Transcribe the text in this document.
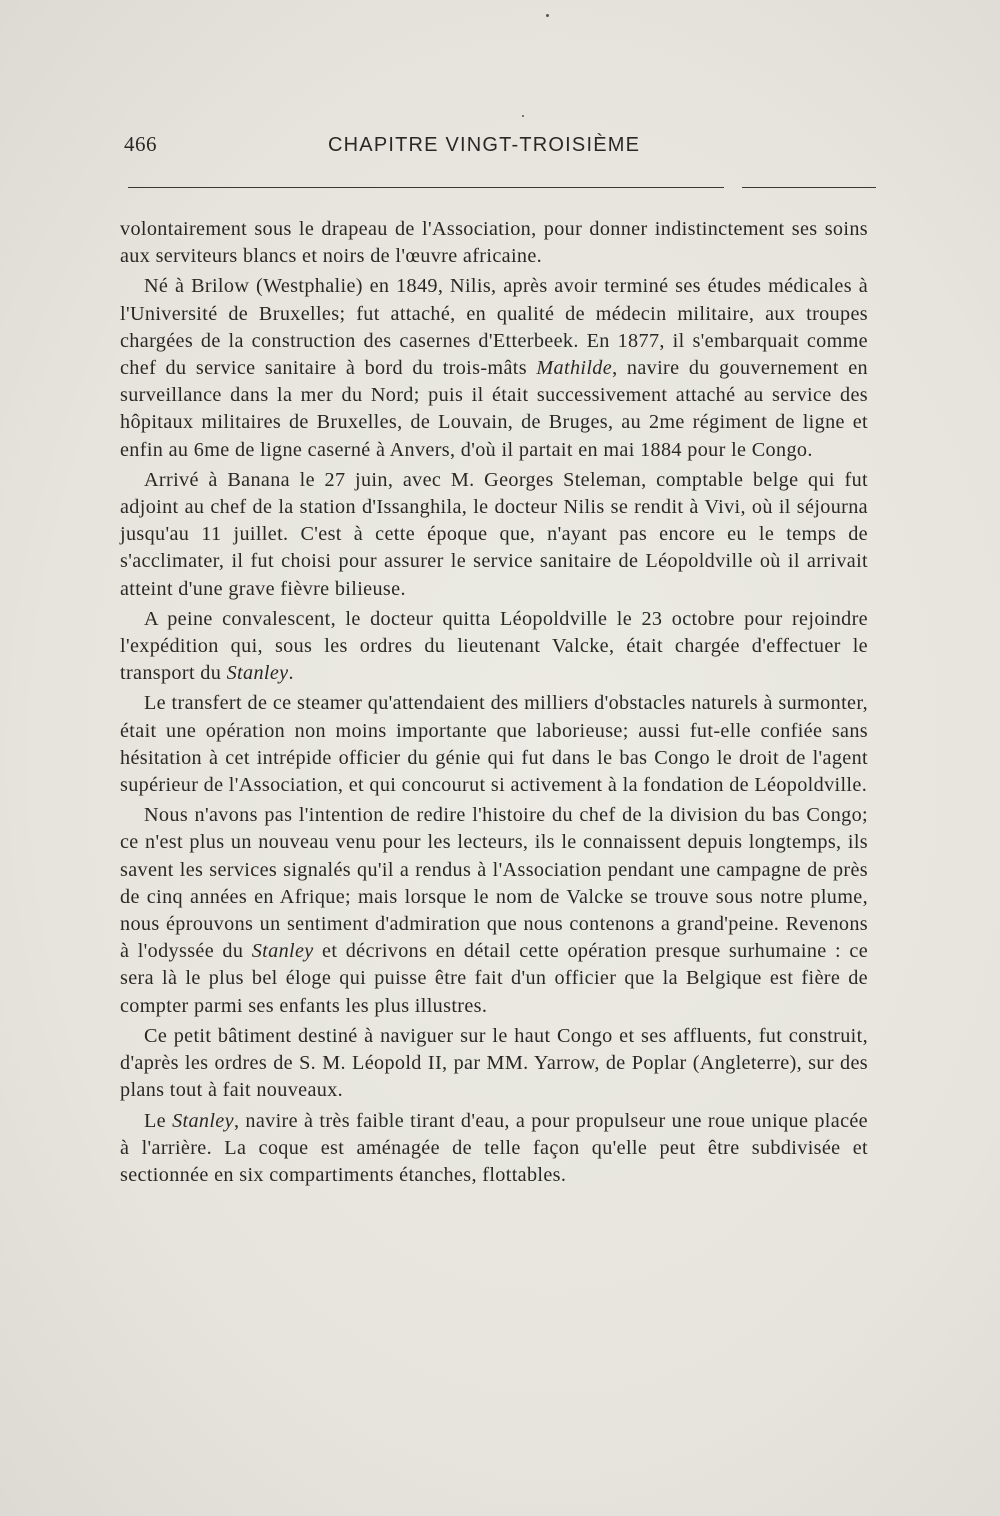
466	CHAPITRE VINGT-TROISIÈME

volontairement sous le drapeau de l'Association, pour donner indistinctement ses soins aux serviteurs blancs et noirs de l'œuvre africaine.

Né à Brilow (Westphalie) en 1849, Nilis, après avoir terminé ses études médicales à l'Université de Bruxelles; fut attaché, en qualité de médecin militaire, aux troupes chargées de la construction des casernes d'Etterbeek. En 1877, il s'embarquait comme chef du service sanitaire à bord du trois-mâts Mathilde, navire du gouvernement en surveillance dans la mer du Nord; puis il était successivement attaché au service des hôpitaux militaires de Bruxelles, de Louvain, de Bruges, au 2me régiment de ligne et enfin au 6me de ligne caserné à Anvers, d'où il partait en mai 1884 pour le Congo.

Arrivé à Banana le 27 juin, avec M. Georges Steleman, comptable belge qui fut adjoint au chef de la station d'Issanghila, le docteur Nilis se rendit à Vivi, où il séjourna jusqu'au 11 juillet. C'est à cette époque que, n'ayant pas encore eu le temps de s'acclimater, il fut choisi pour assurer le service sanitaire de Léopoldville où il arrivait atteint d'une grave fièvre bilieuse.

A peine convalescent, le docteur quitta Léopoldville le 23 octobre pour rejoindre l'expédition qui, sous les ordres du lieutenant Valcke, était chargée d'effectuer le transport du Stanley.

Le transfert de ce steamer qu'attendaient des milliers d'obstacles naturels à surmonter, était une opération non moins importante que laborieuse; aussi fut-elle confiée sans hésitation à cet intrépide officier du génie qui fut dans le bas Congo le droit de l'agent supérieur de l'Association, et qui concourut si activement à la fondation de Léopoldville.

Nous n'avons pas l'intention de redire l'histoire du chef de la division du bas Congo; ce n'est plus un nouveau venu pour les lecteurs, ils le connaissent depuis longtemps, ils savent les services signalés qu'il a rendus à l'Association pendant une campagne de près de cinq années en Afrique; mais lorsque le nom de Valcke se trouve sous notre plume, nous éprouvons un sentiment d'admiration que nous contenons a grand'peine. Revenons à l'odyssée du Stanley et décrivons en détail cette opération presque surhumaine : ce sera là le plus bel éloge qui puisse être fait d'un officier que la Belgique est fière de compter parmi ses enfants les plus illustres.

Ce petit bâtiment destiné à naviguer sur le haut Congo et ses affluents, fut construit, d'après les ordres de S. M. Léopold II, par MM. Yarrow, de Poplar (Angleterre), sur des plans tout à fait nouveaux.

Le Stanley, navire à très faible tirant d'eau, a pour propulseur une roue unique placée à l'arrière. La coque est aménagée de telle façon qu'elle peut être subdivisée et sectionnée en six compartiments étanches, flottables.
